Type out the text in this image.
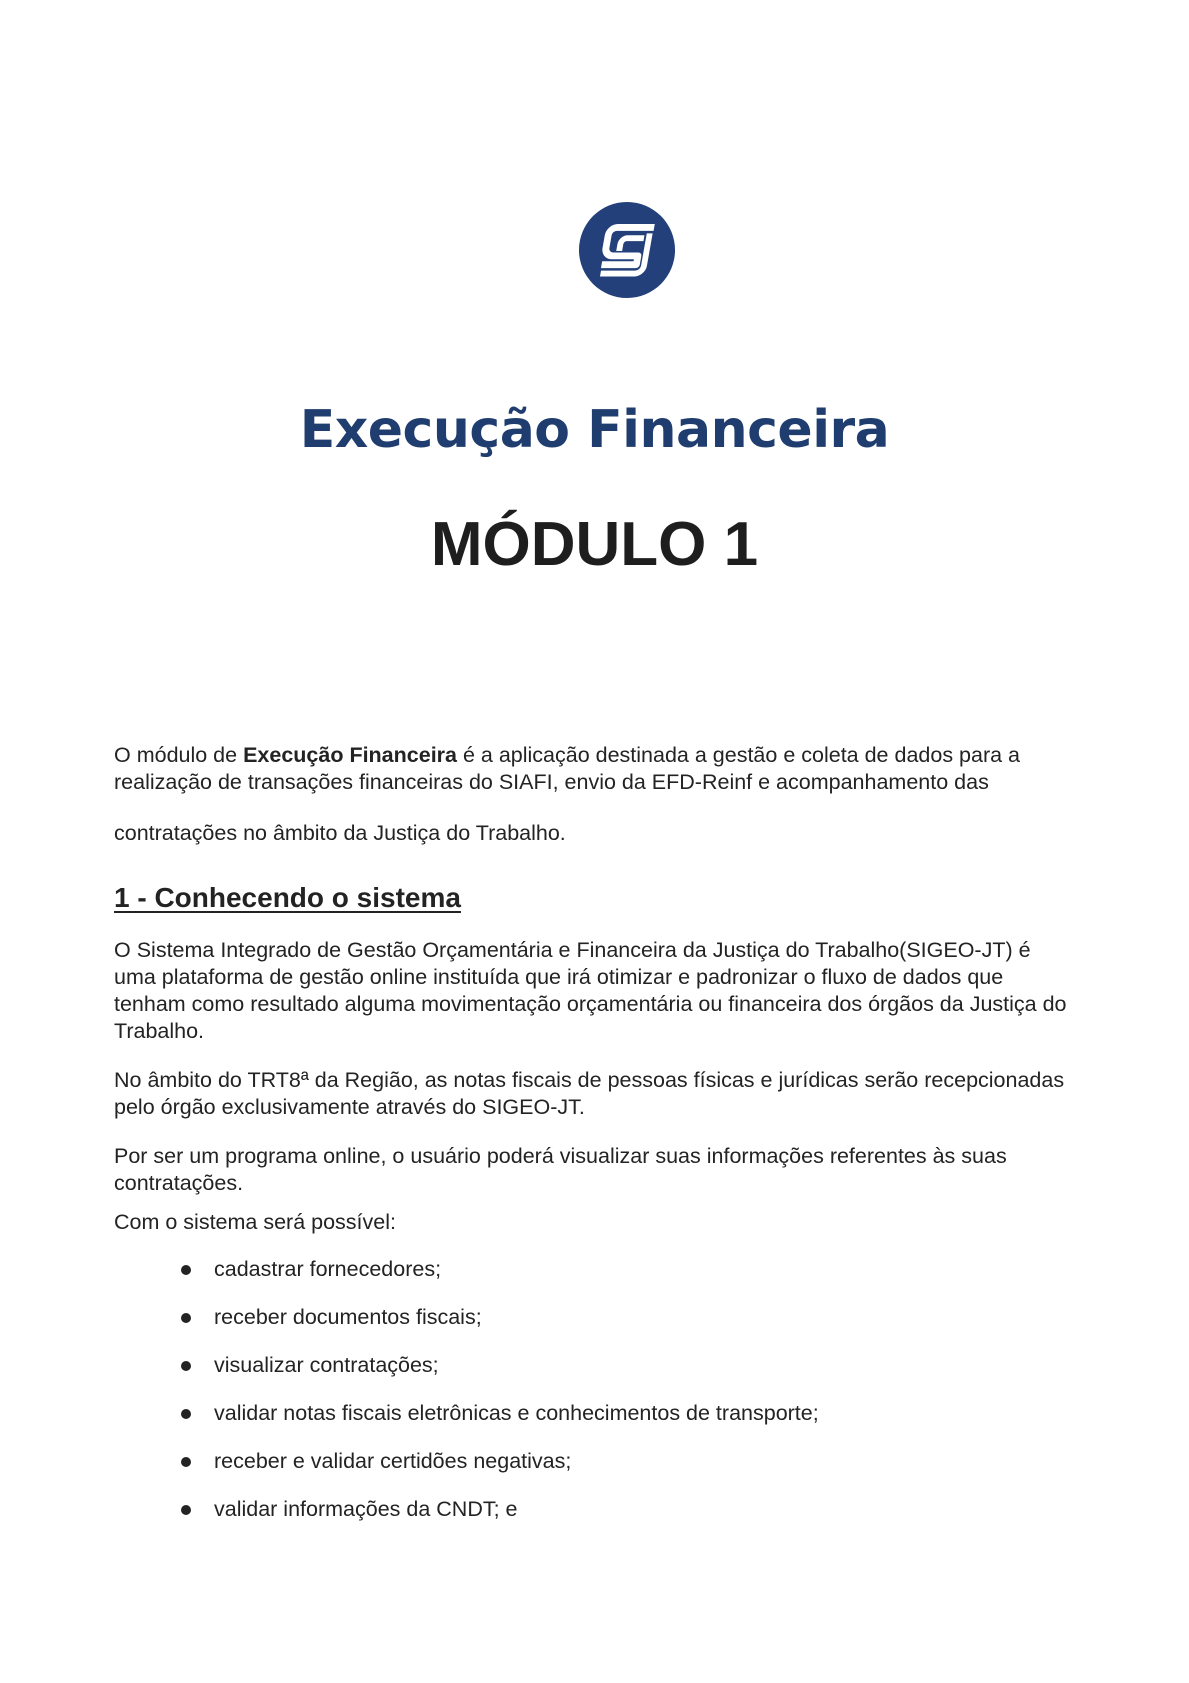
Execução Financeira
MÓDULO 1

O módulo de Execução Financeira é a aplicação destinada a gestão e coleta de dados para a realização de transações financeiras do SIAFI, envio da EFD-Reinf e acompanhamento das

contratações no âmbito da Justiça do Trabalho.

1 - Conhecendo o sistema

O Sistema Integrado de Gestão Orçamentária e Financeira da Justiça do Trabalho(SIGEO-JT) é uma plataforma de gestão online instituída que irá otimizar e padronizar o fluxo de dados que tenham como resultado alguma movimentação orçamentária ou financeira dos órgãos da Justiça do Trabalho.

No âmbito do TRT8ª da Região, as notas fiscais de pessoas físicas e jurídicas serão recepcionadas pelo órgão exclusivamente através do SIGEO-JT.

Por ser um programa online, o usuário poderá visualizar suas informações referentes às suas contratações.

Com o sistema será possível:

cadastrar fornecedores;
receber documentos fiscais;
visualizar contratações;
validar notas fiscais eletrônicas e conhecimentos de transporte;
receber e validar certidões negativas;
validar informações da CNDT; e
